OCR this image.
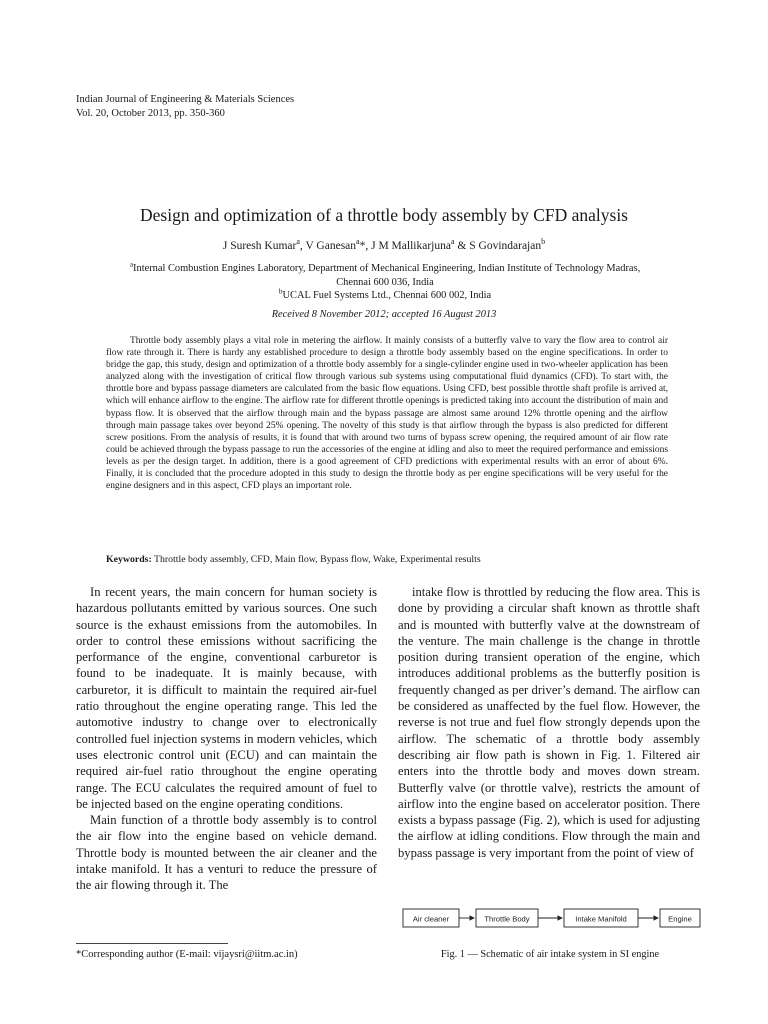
Indian Journal of Engineering & Materials Sciences
Vol. 20, October 2013, pp. 350-360
Design and optimization of a throttle body assembly by CFD analysis
J Suresh Kumar$^a$, V Ganesan$^a$*, J M Mallikarjuna$^a$ & S Govindarajan$^b$
$^a$Internal Combustion Engines Laboratory, Department of Mechanical Engineering, Indian Institute of Technology Madras,
Chennai 600 036, India
$^b$UCAL Fuel Systems Ltd., Chennai 600 002, India
Received 8 November 2012; accepted 16 August 2013
Throttle body assembly plays a vital role in metering the airflow. It mainly consists of a butterfly valve to vary the flow area to control air flow rate through it. There is hardy any established procedure to design a throttle body assembly based on the engine specifications. In order to bridge the gap, this study, design and optimization of a throttle body assembly for a single-cylinder engine used in two-wheeler application has been analyzed along with the investigation of critical flow through various sub systems using computational fluid dynamics (CFD). To start with, the throttle bore and bypass passage diameters are calculated from the basic flow equations. Using CFD, best possible throttle shaft profile is arrived at, which will enhance airflow to the engine. The airflow rate for different throttle openings is predicted taking into account the distribution of main and bypass flow. It is observed that the airflow through main and the bypass passage are almost same around 12% throttle opening and the airflow through main passage takes over beyond 25% opening. The novelty of this study is that airflow through the bypass is also predicted for different screw positions. From the analysis of results, it is found that with around two turns of bypass screw opening, the required amount of air flow rate could be achieved through the bypass passage to run the accessories of the engine at idling and also to meet the required performance and emissions levels as per the design target. In addition, there is a good agreement of CFD predictions with experimental results with an error of about 6%. Finally, it is concluded that the procedure adopted in this study to design the throttle body as per engine specifications will be very useful for the engine designers and in this aspect, CFD plays an important role.
Keywords: Throttle body assembly, CFD, Main flow, Bypass flow, Wake, Experimental results

In recent years, the main concern for human society is hazardous pollutants emitted by various sources. One such source is the exhaust emissions from the automobiles. In order to control these emissions without sacrificing the performance of the engine, conventional carburetor is found to be inadequate. It is mainly because, with carburetor, it is difficult to maintain the required air-fuel ratio throughout the engine operating range. This led the automotive industry to change over to electronically controlled fuel injection systems in modern vehicles, which uses electronic control unit (ECU) and can maintain the required air-fuel ratio throughout the engine operating range. The ECU calculates the required amount of fuel to be injected based on the engine operating conditions.

Main function of a throttle body assembly is to control the air flow into the engine based on vehicle demand. Throttle body is mounted between the air cleaner and the intake manifold. It has a venturi to reduce the pressure of the air flowing through it. The

intake flow is throttled by reducing the flow area. This is done by providing a circular shaft known as throttle shaft and is mounted with butterfly valve at the downstream of the venture. The main challenge is the change in throttle position during transient operation of the engine, which introduces additional problems as the butterfly position is frequently changed as per driver’s demand. The airflow can be considered as unaffected by the fuel flow. However, the reverse is not true and fuel flow strongly depends upon the airflow. The schematic of a throttle body assembly describing air flow path is shown in Fig. 1. Filtered air enters into the throttle body and moves down stream. Butterfly valve (or throttle valve), restricts the amount of airflow into the engine based on accelerator position. There exists a bypass passage (Fig. 2), which is used for adjusting the airflow at idling conditions. Flow through the main and bypass passage is very important from the point of view of

Air cleaner	Throttle Body	Intake Manifold	Engine
*Corresponding author (E-mail: vijaysri@iitm.ac.in)	Fig. 1 — Schematic of air intake system in SI engine
